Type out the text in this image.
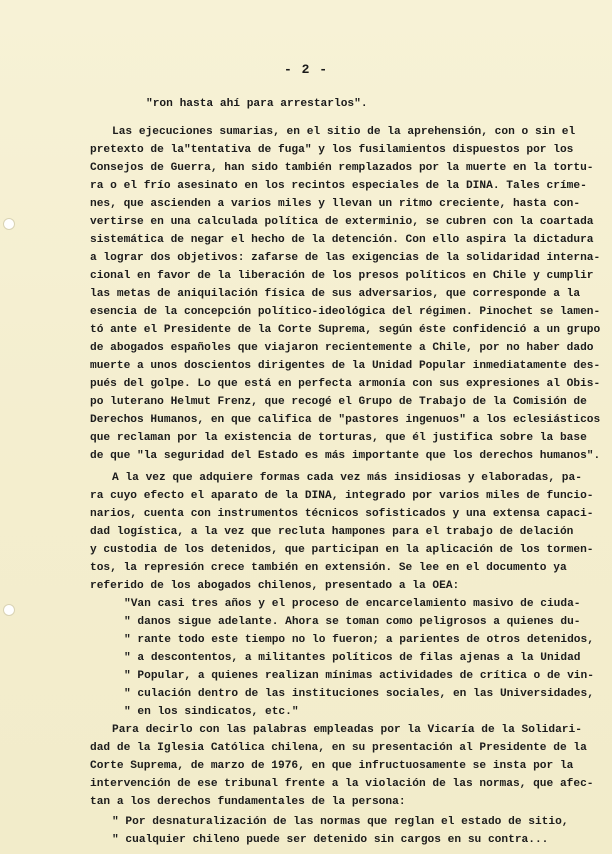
- 2 -
"ron hasta ahí para arrestarlos".
Las ejecuciones sumarias, en el sitio de la aprehensión, con o sin el
pretexto de la"tentativa de fuga" y los fusilamientos dispuestos por los
Consejos de Guerra, han sido también remplazados por la muerte en la tortu-
ra o el frío asesinato en los recintos especiales de la DINA. Tales críme-
nes, que ascienden a varios miles y llevan un ritmo creciente, hasta con-
vertirse en una calculada política de exterminio, se cubren con la coartada
sistemática de negar el hecho de la detención. Con ello aspira la dictadura
a lograr dos objetivos: zafarse de las exigencias de la solidaridad interna-
cional en favor de la liberación de los presos políticos en Chile y cumplir
las metas de aniquilación física de sus adversarios, que corresponde a la
esencia de la concepción político-ideológica del régimen. Pinochet se lamen-
tó ante el Presidente de la Corte Suprema, según éste confidenció a un grupo
de abogados españoles que viajaron recientemente a Chile, por no haber dado
muerte a unos doscientos dirigentes de la Unidad Popular inmediatamente des-
pués del golpe. Lo que está en perfecta armonía con sus expresiones al Obis-
po luterano Helmut Frenz, que recogé el Grupo de Trabajo de la Comisión de
Derechos Humanos, en que califica de "pastores ingenuos" a los eclesiásticos
que reclaman por la existencia de torturas, que él justifica sobre la base
de que "la seguridad del Estado es más importante que los derechos humanos".
A la vez que adquiere formas cada vez más insidiosas y elaboradas, pa-
ra cuyo efecto el aparato de la DINA, integrado por varios miles de funcio-
narios, cuenta con instrumentos técnicos sofisticados y una extensa capaci-
dad logística, a la vez que recluta hampones para el trabajo de delación
y custodia de los detenidos, que participan en la aplicación de los tormen-
tos, la represión crece también en extensión. Se lee en el documento ya
referido de los abogados chilenos, presentado a la OEA:
"Van casi tres años y el proceso de encarcelamiento masivo de ciuda-
" danos sigue adelante. Ahora se toman como peligrosos a quienes du-
" rante todo este tiempo no lo fueron; a parientes de otros detenidos,
" a descontentos, a militantes políticos de filas ajenas a la Unidad
" Popular, a quienes realizan mínimas actividades de crítica o de vin-
" culación dentro de las instituciones sociales, en las Universidades,
" en los sindicatos, etc."
Para decirlo con las palabras empleadas por la Vicaría de la Solidari-
dad de la Iglesia Católica chilena, en su presentación al Presidente de la
Corte Suprema, de marzo de 1976, en que infructuosamente se insta por la
intervención de ese tribunal frente a la violación de las normas, que afec-
tan a los derechos fundamentales de la persona:
" Por desnaturalización de las normas que reglan el estado de sitio,
" cualquier chileno puede ser detenido sin cargos en su contra...
